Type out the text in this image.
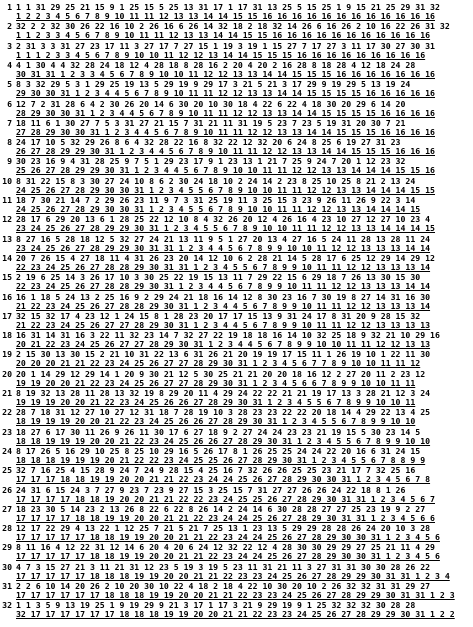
1 1 1 31 29 25 21 15 9 1 25 15 5 25 13 31 17 1 17 31 13 25 5 15 25 1 9 15 21 25 29 31 32
1 2 2 3 4 5 6 7 8 9 10 11 11 12 13 13 14 14 15 15 16 16 16 16 16 16 16 16 16 16 16 16
2 32 2 2 32 30 26 22 16 10 2 26 16 6 26 14 32 18 2 18 32 14 26 6 16 26 2 10 16 22 26 31 32
1 1 2 3 3 4 5 6 7 8 9 10 11 11 12 13 13 14 14 15 15 16 16 16 16 16 16 16 16 16 16 16
3 2 31 3 3 31 27 23 17 11 3 27 17 7 27 15 1 19 3 19 1 15 27 7 17 27 3 11 17 30 27 30 31
1 1 1 2 3 3 4 5 6 7 8 9 10 10 11 12 12 13 14 14 15 15 15 16 16 16 16 16 16 16 16 16
4 4 1 30 4 4 32 28 24 18 12 4 28 18 8 28 16 2 20 4 20 2 16 28 8 18 28 4 12 18 24 28
30 31 31 1 2 3 3 4 5 6 7 8 9 10 10 11 12 12 13 13 14 14 15 15 15 16 16 16 16 16 16 16
5 8 3 32 29 5 3 1 29 25 19 13 5 29 19 9 29 17 3 21 5 21 3 17 29 9 19 29 5 13 19 24
29 30 30 31 1 2 3 4 4 5 6 7 8 9 10 11 11 12 12 13 13 14 14 15 15 15 15 16 16 16 16 16
6 12 7 2 31 28 6 4 2 30 26 20 14 6 30 20 10 30 18 4 22 6 22 4 18 30 20 29 6 14 20
28 29 30 30 31 1 2 3 4 4 5 6 7 8 9 10 11 11 12 12 13 13 14 14 15 15 15 15 16 16 16 16
7 18 11 6 1 30 27 7 5 3 31 27 21 15 7 31 21 11 31 19 5 23 7 23 5 19 31 20 30 7 21
27 28 29 30 30 31 1 2 3 4 4 5 6 7 8 9 10 11 11 12 12 13 13 14 14 15 15 15 16 16 16 16
8 24 17 10 5 32 29 26 8 6 4 32 28 22 16 8 32 22 12 32 20 6 24 8 25 6 19 27 31 23
26 27 28 29 29 30 31 1 2 3 4 4 5 6 7 8 9 10 11 11 12 12 13 13 14 14 15 15 15 16 16 16
9 30 23 16 9 4 31 28 25 9 7 5 1 29 23 17 9 1 23 13 1 21 7 25 9 24 7 20 1 12 23 32
25 26 27 28 29 29 30 31 1 2 3 4 4 5 6 7 8 9 10 10 11 11 12 12 13 13 14 14 14 15 15 16
10 8 31 22 15 8 3 30 27 24 10 8 6 2 30 24 18 10 2 24 14 2 23 8 25 10 25 8 21 2 13 24
24 25 26 27 28 29 30 30 31 1 2 3 4 5 5 6 7 8 9 10 10 11 11 12 12 13 13 14 14 14 15 15
11 18 7 30 21 14 7 2 29 26 23 11 9 7 3 31 25 19 11 3 25 15 3 23 9 26 11 26 9 22 3 14
24 25 26 27 28 29 30 30 31 1 2 3 4 5 5 6 7 8 9 10 10 11 11 12 12 13 13 14 14 14 15
12 28 17 6 29 20 13 6 1 28 25 22 12 10 8 4 32 26 20 12 4 26 16 4 23 10 27 12 27 10 23 4
23 24 25 26 27 28 29 29 30 31 1 2 3 4 5 5 6 7 8 9 10 10 11 11 12 12 13 13 14 14 14 15
13 8 27 16 5 28 18 12 5 32 27 24 21 13 11 9 5 1 27 20 13 4 27 16 5 24 11 28 13 28 11 24
23 24 25 26 27 28 29 29 30 31 31 1 2 3 4 4 5 6 7 8 9 9 10 10 11 12 12 13 13 13 14 14
14 20 7 26 15 4 27 18 11 4 31 26 23 20 14 12 10 6 2 28 21 14 5 28 17 6 25 12 29 14 29 12
22 23 24 25 26 27 28 28 29 30 31 31 1 2 3 4 5 5 6 7 8 9 9 10 11 11 12 12 13 13 13 14
15 2 19 6 25 14 3 26 17 10 3 30 25 22 19 15 13 11 7 29 22 15 6 29 18 7 26 13 30 15 30
22 23 24 25 26 27 28 28 29 30 31 1 2 3 4 4 5 6 7 8 9 9 10 11 11 12 12 13 13 13 14 14
16 16 1 18 5 24 13 2 25 16 9 2 29 24 21 18 16 14 12 8 30 23 16 7 30 19 8 27 14 31 16 30
21 22 23 24 25 26 27 28 28 29 30 31 1 2 3 4 4 5 6 7 8 9 9 10 11 11 12 12 13 13 13 14
17 32 15 32 17 4 23 12 1 24 15 8 1 28 23 20 17 17 15 13 9 31 24 17 8 31 20 9 28 15 32
21 22 23 24 25 26 27 27 28 29 30 31 1 2 3 4 4 5 6 7 8 9 9 10 11 11 12 12 13 13 13 13
18 16 31 14 31 16 3 22 11 32 23 14 7 32 27 22 19 18 18 16 14 10 32 25 18 9 32 21 10 29 16
20 21 22 23 24 25 26 27 27 28 29 30 31 1 2 3 4 4 5 6 7 8 9 9 10 10 11 11 12 12 13 13
19 2 15 30 13 30 15 2 21 10 31 22 13 6 31 26 21 20 19 19 17 15 11 1 26 19 10 1 22 11 30
20 20 20 21 21 22 23 24 25 26 27 27 28 29 30 31 1 2 3 4 5 6 7 7 8 9 10 10 11 11 12
20 20 1 14 29 12 29 14 1 20 9 30 21 12 5 30 25 21 21 20 20 18 16 12 2 27 20 11 2 23 12
19 19 20 20 21 22 23 24 25 26 27 27 28 29 30 31 1 2 3 4 5 6 6 7 8 9 9 10 10 11 11
21 8 19 32 13 28 11 28 13 32 19 8 29 20 11 4 29 24 22 22 21 21 19 17 13 3 28 21 12 3 24
19 19 19 20 20 21 22 23 24 25 26 26 27 28 29 30 31 1 2 3 4 5 5 6 7 8 9 9 10 10 11
22 28 7 18 31 12 27 10 27 12 31 18 7 28 19 10 3 28 23 23 22 22 20 18 14 4 29 22 13 4 25
18 19 19 19 20 20 21 22 23 24 25 26 26 27 28 29 30 31 1 2 3 4 5 5 6 7 8 9 9 10 10
23 18 27 6 17 30 11 26 9 26 11 30 17 6 27 18 9 2 27 24 24 23 23 21 19 15 5 30 23 14 5
18 18 19 19 19 20 20 21 22 23 24 25 26 26 27 28 29 30 31 1 2 3 4 5 5 6 7 8 9 9 10 10
24 8 17 26 5 16 29 10 25 8 25 10 29 16 5 26 17 8 1 26 25 25 24 24 22 20 16 6 31 24 15
18 18 18 19 19 19 20 21 22 22 23 24 25 25 26 27 28 29 30 31 1 2 3 4 5 5 6 7 8 8 9 9
25 32 7 16 25 4 15 28 9 24 7 24 9 28 15 4 25 16 7 32 26 26 25 25 23 21 17 7 32 25 16
17 17 17 18 18 19 19 20 20 21 21 22 23 24 24 25 26 27 28 29 30 30 31 1 2 3 4 5 6 7 8
26 24 31 6 15 24 3 7 27 9 23 7 23 9 27 15 3 25 15 7 31 27 27 26 26 24 22 18 8 1 26
17 17 17 17 18 18 19 20 20 21 21 22 22 23 24 25 25 26 27 28 29 30 31 31 1 2 3 4 5 6 7
27 18 23 30 5 14 23 2 13 26 8 22 6 22 8 26 14 2 24 14 6 30 28 28 27 27 25 23 19 9 2 27
17 17 17 17 18 18 19 19 20 20 21 21 22 23 24 24 25 26 27 28 29 30 31 31 1 2 3 4 5 6 6
28 12 17 22 29 4 13 22 1 12 25 7 21 5 21 7 25 13 1 23 13 5 29 29 28 28 26 24 20 10 3 28
17 17 17 17 17 18 18 19 19 20 20 21 21 22 23 24 24 25 26 27 28 29 30 30 31 1 2 3 4 5 6
29 8 11 16 4 12 22 31 12 14 6 20 4 20 6 24 12 32 22 12 4 28 30 30 29 29 27 25 21 11 4 29
17 17 17 17 17 18 18 19 19 20 20 21 21 22 23 24 24 25 26 27 28 29 30 30 31 1 2 3 4 5 6
30 4 7 3 15 27 21 3 11 21 31 12 23 5 19 3 19 5 23 11 31 21 11 3 27 31 31 30 30 28 26 22
17 17 17 17 17 18 18 18 19 19 20 20 21 21 22 23 23 24 25 26 27 28 29 29 30 31 31 1 2 3 4
31 2 2 6 10 14 20 26 2 10 20 30 10 22 4 18 2 18 4 22 10 30 20 10 2 26 32 32 31 31 29 27
17 17 17 17 17 17 18 18 18 19 19 20 20 21 21 22 23 23 24 25 26 27 28 29 29 30 31 31 1 2 3
32 1 1 3 5 9 13 19 25 1 9 19 29 9 21 3 17 1 17 3 21 9 29 19 9 1 25 32 32 32 30 28 28
32 17 17 17 17 17 17 18 18 18 19 19 20 20 21 21 22 23 23 24 25 26 27 28 29 29 30 31 1 2 2
